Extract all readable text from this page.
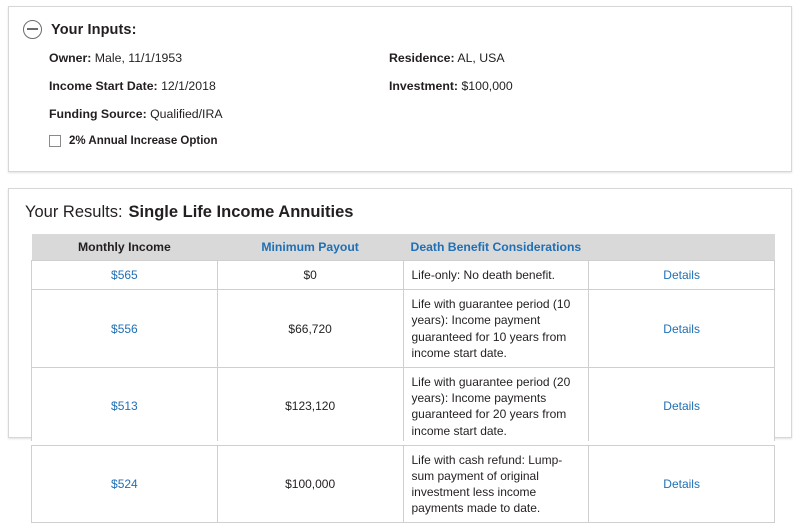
Your Inputs:
Owner: Male, 11/1/1953	Residence: AL, USA
Income Start Date: 12/1/2018	Investment: $100,000
Funding Source: Qualified/IRA
2% Annual Increase Option
Your Results: Single Life Income Annuities
Monthly Income	Minimum Payout	Death Benefit Considerations	
$565	$0	Life-only: No death benefit.	Details
$556	$66,720	Life with guarantee period (10 years): Income payment guaranteed for 10 years from income start date.	Details
$513	$123,120	Life with guarantee period (20 years): Income payments guaranteed for 20 years from income start date.	Details
$524	$100,000	Life with cash refund: Lump-sum payment of original investment less income payments made to date.	Details
